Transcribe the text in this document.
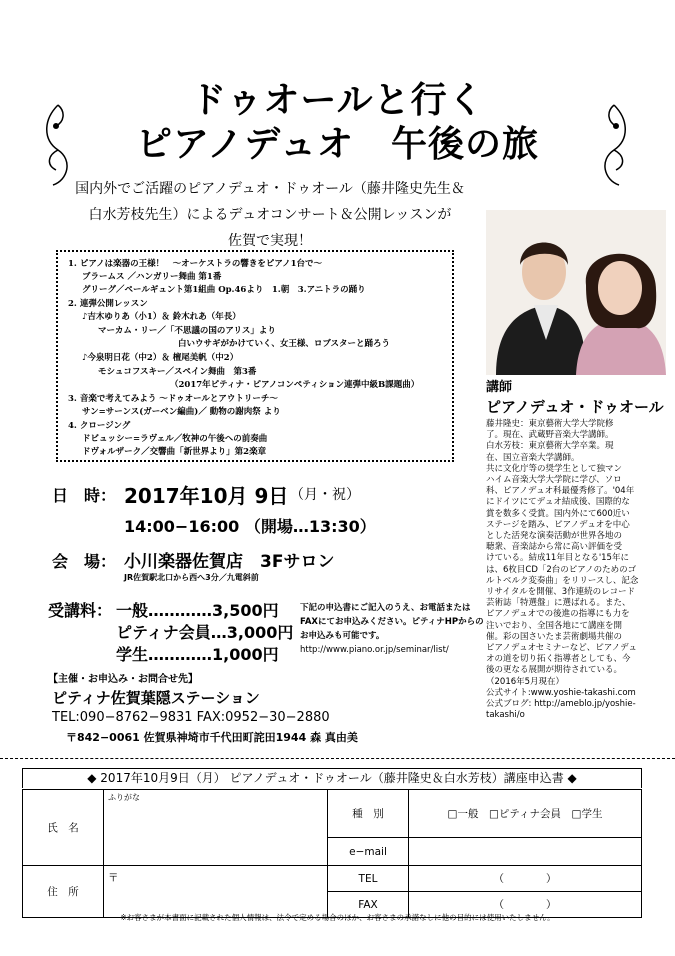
ドゥオールと行く
ピアノデュオ　午後の旅
国内外でご活躍のピアノデュオ・ドゥオール（藤井隆史先生＆
白水芳枝先生）によるデュオコンサート＆公開レッスンが
佐賀で実現！
1. ピアノは楽器の王様！　～オーケストラの響きをピアノ1台で～
ブラームス ／ハンガリー舞曲 第1番
グリーグ／ペールギュント第1組曲 Op.46より　1.朝　3.アニトラの踊り
2. 連弾公開レッスン
♪吉木ゆりあ（小1）＆ 鈴木れあ（年長）
マーカム・リー／「不思議の国のアリス」より
白いウサギがかけていく、女王様、ロブスターと踊ろう
♪今泉明日花（中2）＆ 檀尾美帆（中2）
モシュコフスキー／スペイン舞曲　第3番
（2017年ピティナ・ピアノコンペティション連弾中級B課題曲）
3. 音楽で考えてみよう ～ドゥオールとアウトリーチ～
サン=サーンス(ガーベン編曲)／ 動物の謝肉祭 より
4. クロージング
ドビュッシー=ラヴェル／牧神の午後への前奏曲
ドヴォルザーク／交響曲「新世界より」第2楽章
講師
ピアノデュオ・ドゥオール
藤井隆史：東京藝術大学大学院修
了。現在、武蔵野音楽大学講師。
白水芳枝：東京藝術大学卒業。現
在、国立音楽大学講師。
共に文化庁等の奨学生として独マン
ハイム音楽大学大学院に学び、ソロ
科、ピアノデュオ科最優秀修了。'04年
にドイツにてデュオ結成後、国際的な
賞を数多く受賞。国内外にて600近い
ステージを踏み、ピアノデュオを中心
とした活発な演奏活動が世界各地の
聴衆、音楽誌から常に高い評価を受
けている。結成11年目となる'15年に
は、6枚目CD「2台のピアノのためのゴ
ルトベルク変奏曲」をリリースし、記念
リサイタルを開催、3作連続のレコード
芸術誌「特選盤」に選ばれる。また、
ピアノデュオでの後進の指導にも力を
注いでおり、全国各地にて講座を開
催。彩の国さいたま芸術劇場共催の
ピアノデュオセミナーなど、ピアノデュ
オの道を切り拓く指導者としても、今
後の更なる展開が期待されている。
（2016年5月現在）
公式サイト:www.yoshie-takashi.com
公式ブログ: http://ameblo.jp/yoshie-
takashi/o
日　時： 2017年10月 9日 （月・祝）
14:00−16:00 （開場…13:30）
会　場： 小川楽器佐賀店　3Fサロン
JR佐賀駅北口から西へ3分／九電斜前
受講料： 一般…………3,500円
ピティナ会員…3,000円
学生…………1,000円
下記の申込書にご記入のうえ、お電話または
FAXにてお申込みください。ピティナHPからの
お申込みも可能です。
http://www.piano.or.jp/seminar/list/
【主催・お申込み・お問合せ先】
ピティナ佐賀葉隠ステーション
TEL:090−8762−9831 FAX:0952−30−2880
〒842−0061 佐賀県神埼市千代田町詫田1944 森 真由美
◆ 2017年10月9日（月） ピアノデュオ・ドゥオール（藤井隆史＆白水芳枝）講座申込書 ◆
氏　名	ふりがな	種　別	□一般　□ピティナ会員　□学生
		e−mail	
住　所	〒	TEL	（　　　　）
		FAX	（　　　　）
※お客さまが本書面に記載された個人情報は、法令で定める場合のほか、お客さまの承諾なしに他の目的には使用いたしません。
